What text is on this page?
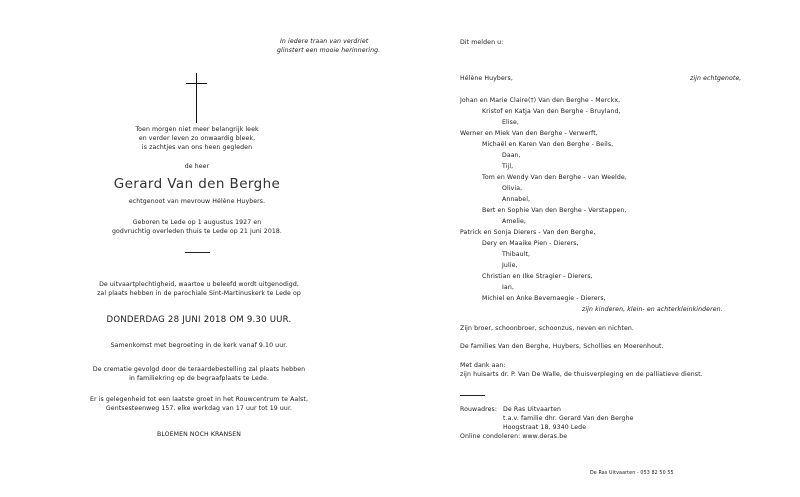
In iedere traan van verdriet
glinstert een mooie herinnering.
Toen morgen niet meer belangrijk leek
en verder leven zo onwaardig bleek,
is zachtjes van ons heen gegleden
de heer
Gerard Van den Berghe
echtgenoot van mevrouw Hélène Huybers.
Geboren te Lede op 1 augustus 1927 en
godvruchtig overleden thuis te Lede op 21 juni 2018.
De uitvaartplechtigheid, waartoe u beleefd wordt uitgenodigd,
zal plaats hebben in de parochiale Sint-Martinuskerk te Lede op
DONDERDAG 28 JUNI 2018 OM 9.30 UUR.
Samenkomst met begroeting in de kerk vanaf 9.10 uur.
De crematie gevolgd door de teraardebestelling zal plaats hebben
in familiekring op de begraafplaats te Lede.
Er is gelegenheid tot een laatste groet in het Rouwcentrum te Aalst,
Gentsesteenweg 157, elke werkdag van 17 uur tot 19 uur.
BLOEMEN NOCH KRANSEN
Dit melden u:
Hélène Huybers,	zijn echtgenote,
Johan en Marie Claire(†) Van den Berghe - Merckx,
Kristof en Katja Van den Berghe - Bruyland,
Elise,
Werner en Miek Van den Berghe - Verwerft,
Michaël en Karen Van den Berghe - Beils,
Daan,
Tijl,
Tom en Wendy Van den Berghe - van Weelde,
Olivia,
Annabel,
Bert en Sophie Van den Berghe - Verstappen,
Amelie,
Patrick en Sonja Dierers - Van den Berghe,
Dery en Maaike Pien - Dierers,
Thibault,
Julie,
Christian en Ilke Stragier - Dierers,
Ian,
Michiel en Anke Bevernaegie - Dierers,
zijn kinderen, klein- en achterkleinkinderen.
Zijn broer, schoonbroer, schoonzus, neven en nichten.
De families Van den Berghe, Huybers, Schollies en Moerenhout.
Met dank aan:
zijn huisarts dr. P. Van De Walle, de thuisverpleging en de palliatieve dienst.
Rouwadres: De Ras Uitvaarten
t.a.v. familie dhr. Gerard Van den Berghe
Hoogstraat 18, 9340 Lede
Online condoleren: www.deras.be
De Ras Uitvaarten - 053 82 50 55
